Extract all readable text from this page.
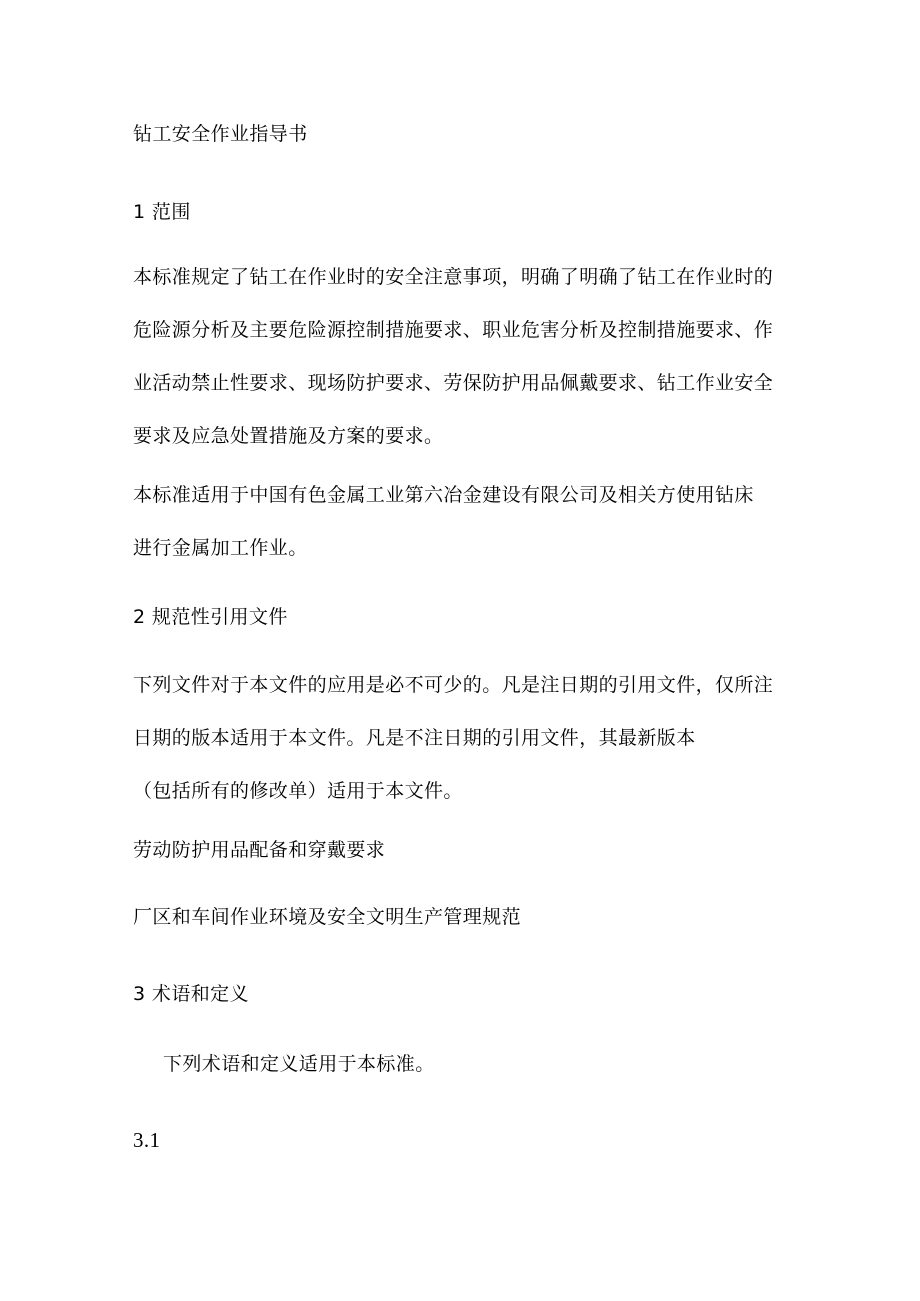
钻工安全作业指导书

1 范围

本标准规定了钻工在作业时的安全注意事项，明确了明确了钻工在作业时的
危险源分析及主要危险源控制措施要求、职业危害分析及控制措施要求、作
业活动禁止性要求、现场防护要求、劳保防护用品佩戴要求、钻工作业安全
要求及应急处置措施及方案的要求。
本标准适用于中国有色金属工业第六冶金建设有限公司及相关方使用钻床
进行金属加工作业。

2 规范性引用文件

下列文件对于本文件的应用是必不可少的。凡是注日期的引用文件，仅所注
日期的版本适用于本文件。凡是不注日期的引用文件，其最新版本
（包括所有的修改单）适用于本文件。

劳动防护用品配备和穿戴要求

厂区和车间作业环境及安全文明生产管理规范

3 术语和定义

下列术语和定义适用于本标准。

3.1
